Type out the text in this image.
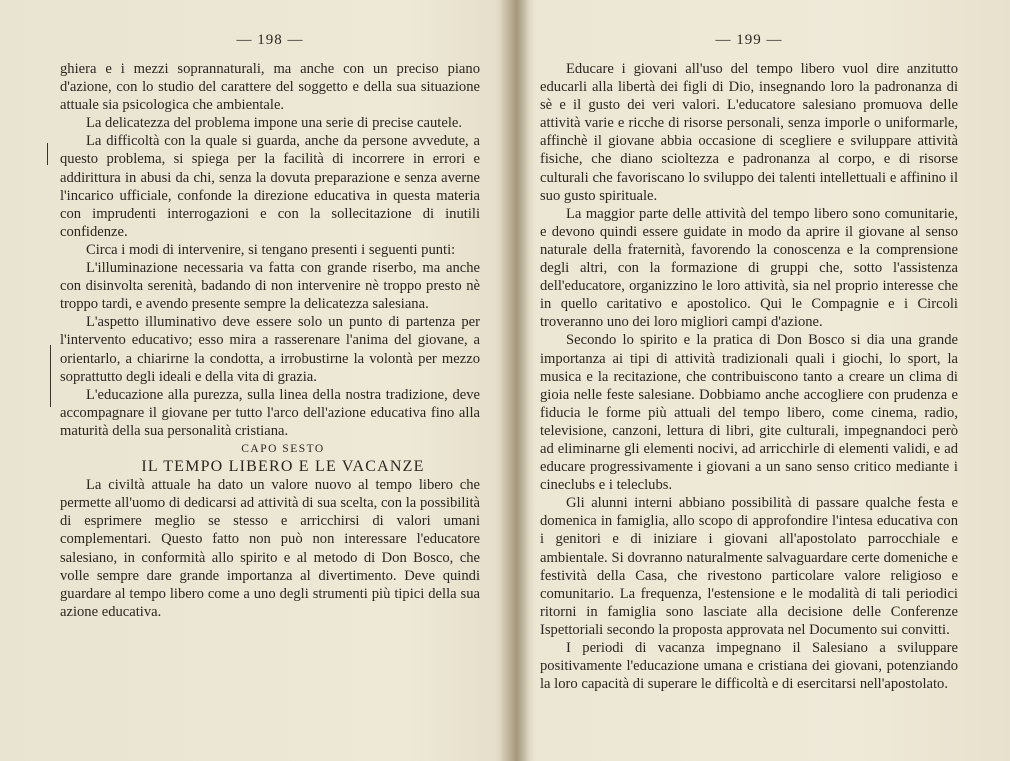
— 198 —

ghiera e i mezzi soprannaturali, ma anche con un preciso piano d'azione, con lo studio del carattere del soggetto e della sua situazione attuale sia psicologica che ambientale.

La delicatezza del problema impone una serie di precise cautele.

La difficoltà con la quale si guarda, anche da persone avvedute, a questo problema, si spiega per la facilità di incorrere in errori e addirittura in abusi da chi, senza la dovuta preparazione e senza averne l'incarico ufficiale, confonde la direzione educativa in questa materia con imprudenti interrogazioni e con la sollecitazione di inutili confidenze.

Circa i modi di intervenire, si tengano presenti i seguenti punti:

L'illuminazione necessaria va fatta con grande riserbo, ma anche con disinvolta serenità, badando di non intervenire nè troppo presto nè troppo tardi, e avendo presente sempre la delicatezza salesiana.

L'aspetto illuminativo deve essere solo un punto di partenza per l'intervento educativo; esso mira a rasserenare l'anima del giovane, a orientarlo, a chiarirne la condotta, a irrobustirne la volontà per mezzo soprattutto degli ideali e della vita di grazia.

L'educazione alla purezza, sulla linea della nostra tradizione, deve accompagnare il giovane per tutto l'arco dell'azione educativa fino alla maturità della sua personalità cristiana.

CAPO SESTO

IL TEMPO LIBERO E LE VACANZE

La civiltà attuale ha dato un valore nuovo al tempo libero che permette all'uomo di dedicarsi ad attività di sua scelta, con la possibilità di esprimere meglio se stesso e arricchirsi di valori umani complementari. Questo fatto non può non interessare l'educatore salesiano, in conformità allo spirito e al metodo di Don Bosco, che volle sempre dare grande importanza al divertimento. Deve quindi guardare al tempo libero come a uno degli strumenti più tipici della sua azione educativa.

— 199 —

Educare i giovani all'uso del tempo libero vuol dire anzitutto educarli alla libertà dei figli di Dio, insegnando loro la padronanza di sè e il gusto dei veri valori. L'educatore salesiano promuova delle attività varie e ricche di risorse personali, senza imporle o uniformarle, affinchè il giovane abbia occasione di scegliere e sviluppare attività fisiche, che diano scioltezza e padronanza al corpo, e di risorse culturali che favoriscano lo sviluppo dei talenti intellettuali e affinino il suo gusto spirituale.

La maggior parte delle attività del tempo libero sono comunitarie, e devono quindi essere guidate in modo da aprire il giovane al senso naturale della fraternità, favorendo la conoscenza e la comprensione degli altri, con la formazione di gruppi che, sotto l'assistenza dell'educatore, organizzino le loro attività, sia nel proprio interesse che in quello caritativo e apostolico. Qui le Compagnie e i Circoli troveranno uno dei loro migliori campi d'azione.

Secondo lo spirito e la pratica di Don Bosco si dia una grande importanza ai tipi di attività tradizionali quali i giochi, lo sport, la musica e la recitazione, che contribuiscono tanto a creare un clima di gioia nelle feste salesiane. Dobbiamo anche accogliere con prudenza e fiducia le forme più attuali del tempo libero, come cinema, radio, televisione, canzoni, lettura di libri, gite culturali, impegnandoci però ad eliminarne gli elementi nocivi, ad arricchirle di elementi validi, e ad educare progressivamente i giovani a un sano senso critico mediante i cineclubs e i teleclubs.

Gli alunni interni abbiano possibilità di passare qualche festa e domenica in famiglia, allo scopo di approfondire l'intesa educativa con i genitori e di iniziare i giovani all'apostolato parrocchiale e ambientale. Si dovranno naturalmente salvaguardare certe domeniche e festività della Casa, che rivestono particolare valore religioso e comunitario. La frequenza, l'estensione e le modalità di tali periodici ritorni in famiglia sono lasciate alla decisione delle Conferenze Ispettoriali secondo la proposta approvata nel Documento sui convitti.

I periodi di vacanza impegnano il Salesiano a sviluppare positivamente l'educazione umana e cristiana dei giovani, potenziando la loro capacità di superare le difficoltà e di esercitarsi nell'apostolato.
